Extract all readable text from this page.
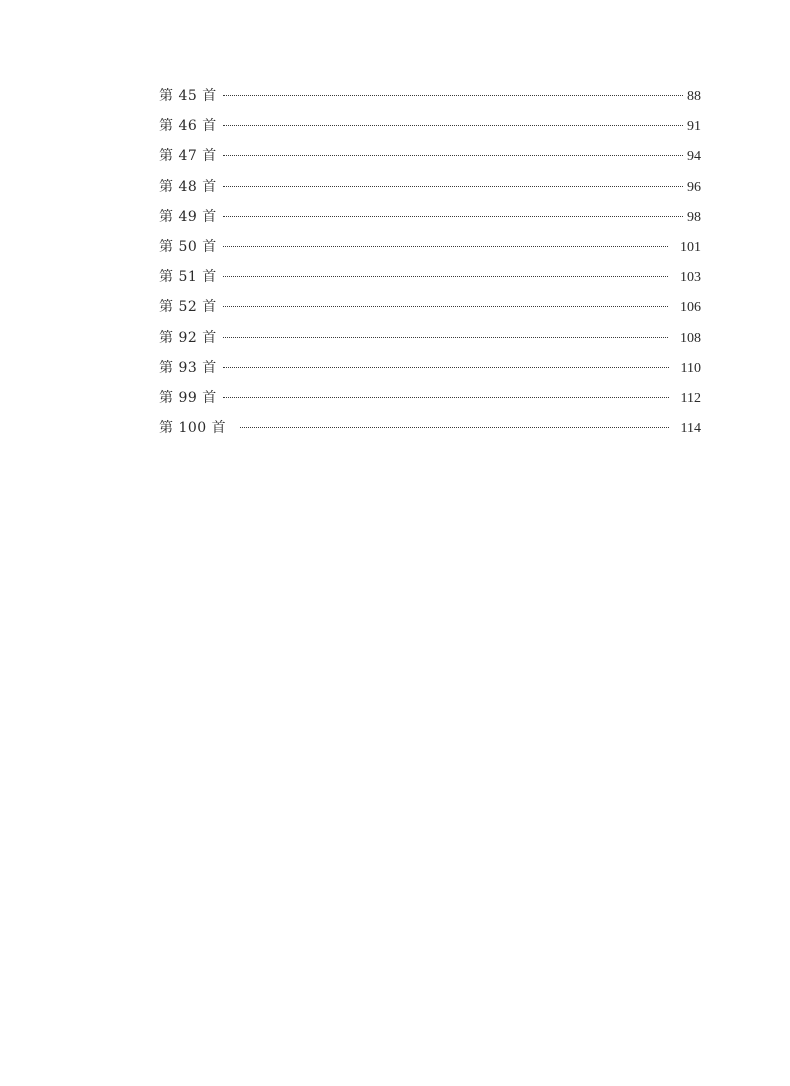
第 45 首	88
第 46 首	91
第 47 首	94
第 48 首	96
第 49 首	98
第 50 首	101
第 51 首	103
第 52 首	106
第 92 首	108
第 93 首	110
第 99 首	112
第 100 首	114
